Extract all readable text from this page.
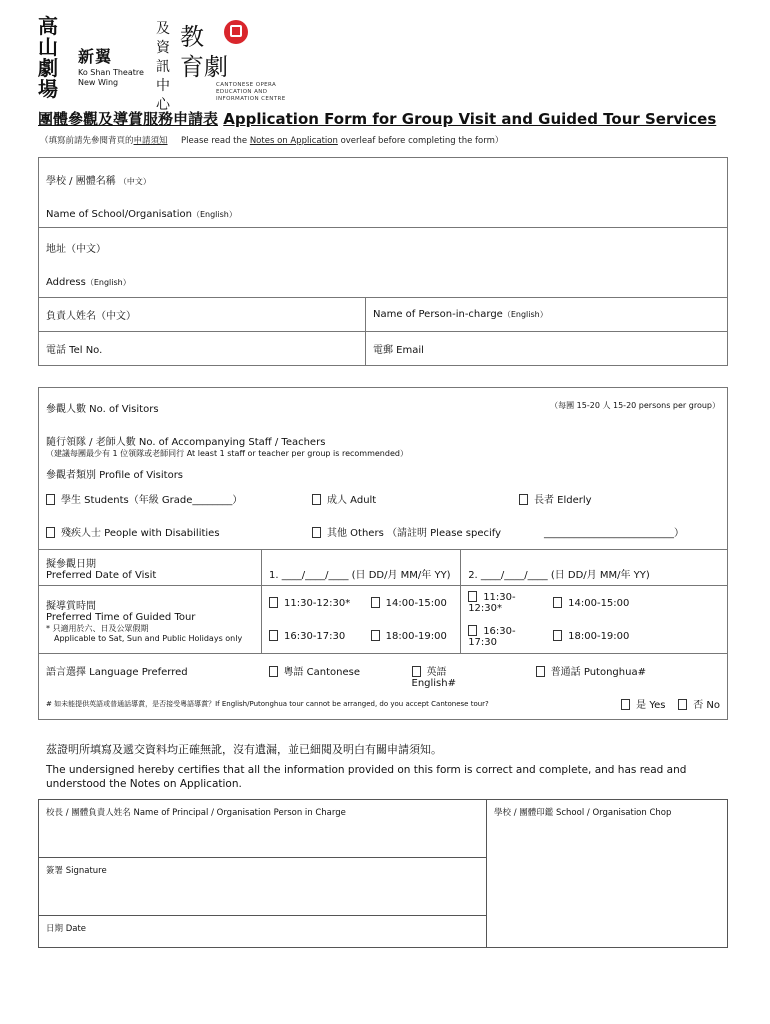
高山劇場
新翼
Ko Shan Theatre
New Wing
及資訊中心
教
育劇
CANTONESE OPERA
EDUCATION AND
INFORMATION CENTRE
團體參觀及導賞服務申請表 Application Form for Group Visit and Guided Tour Services
（填寫前請先參閱背頁的申請須知 Please read the Notes on Application overleaf before completing the form）
學校 / 團體名稱 （中文）
Name of School/Organisation（English）	

地址（中文）
Address（English）	

負責人姓名（中文）	Name of Person-in-charge（English）
電話 Tel No.	電郵 Email
參觀人數 No. of Visitors （每團 15-20 人 15-20 persons per group）				

隨行領隊 / 老師人數 No. of Accompanying Staff / Teachers
（建議每團最少有 1 位領隊或老師同行 At least 1 staff or teacher per group is recommended）				

參觀者類別 Profile of Visitors				
學生 Students（年級 Grade________） 成人 Adult 長者 Elderly				

殘疾人士 People with Disabilities 其他 Others （請註明 Please specify __________________________）				

擬參觀日期
Preferred Date of Visit	1. ____/____/____ (日 DD/月 MM/年 YY)		2. ____/____/____ (日 DD/月 MM/年 YY)	

擬導賞時間
Preferred Time of Guided Tour
* 只適用於六、日及公眾假期
Applicable to Sat, Sun and Public Holidays only	11:30-12:30*	14:00-15:00	11:30-12:30*	14:00-15:00
	16:30-17:30	18:00-19:00	16:30-17:30	18:00-19:00
語言選擇 Language Preferred	粵語 Cantonese 英語 English#		普通話 Putonghua#	
# 如未能提供英語或普通話導賞，是否接受粵語導賞？If English/Putonghua tour cannot be arranged, do you accept Cantonese tour?				是 Yes 否 No
茲證明所填寫及遞交資料均正確無訛，沒有遺漏，並已細閱及明白有關申請須知。
The undersigned hereby certifies that all the information provided on this form is correct and complete, and has read and understood the Notes on Application.
校長 / 團體負責人姓名 Name of Principal / Organisation Person in Charge	學校 / 團體印鑑 School / Organisation Chop
簽署 Signature
日期 Date
